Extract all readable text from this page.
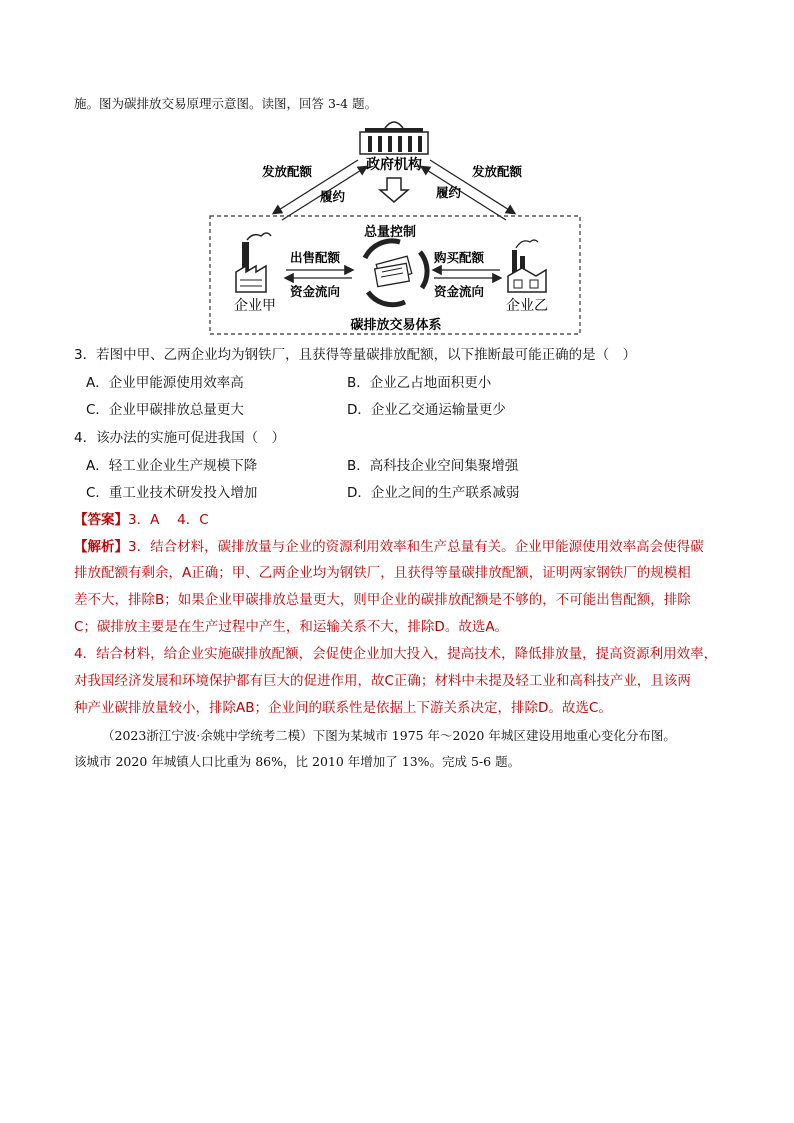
施。图为碳排放交易原理示意图。读图，回答 3-4 题。
政府机构
发放配额
履约
发放配额
履约
总量控制
出售配额
资金流向
购买配额
资金流向
企业甲	企业乙
碳排放交易体系
3．若图中甲、乙两企业均为钢铁厂，且获得等量碳排放配额，以下推断最可能正确的是（　）
A．企业甲能源使用效率高	B．企业乙占地面积更小
C．企业甲碳排放总量更大	D．企业乙交通运输量更少
4．该办法的实施可促进我国（　）
A．轻工业企业生产规模下降	B．高科技企业空间集聚增强
C．重工业技术研发投入增加	D．企业之间的生产联系减弱
【答案】3．A　 4．C
【解析】3．结合材料，碳排放量与企业的资源利用效率和生产总量有关。企业甲能源使用效率高会使得碳
排放配额有剩余，A正确；甲、乙两企业均为钢铁厂，且获得等量碳排放配额，证明两家钢铁厂的规模相
差不大，排除B；如果企业甲碳排放总量更大，则甲企业的碳排放配额是不够的，不可能出售配额，排除
C；碳排放主要是在生产过程中产生，和运输关系不大，排除D。故选A。
4．结合材料，给企业实施碳排放配额，会促使企业加大投入，提高技术，降低排放量，提高资源利用效率，
对我国经济发展和环境保护都有巨大的促进作用，故C正确；材料中未提及轻工业和高科技产业，且该两
种产业碳排放量较小，排除AB；企业间的联系性是依据上下游关系决定，排除D。故选C。
（2023浙江宁波·余姚中学统考二模）下图为某城市 1975 年～2020 年城区建设用地重心变化分布图。
该城市 2020 年城镇人口比重为 86%，比 2010 年增加了 13%。完成 5-6 题。
